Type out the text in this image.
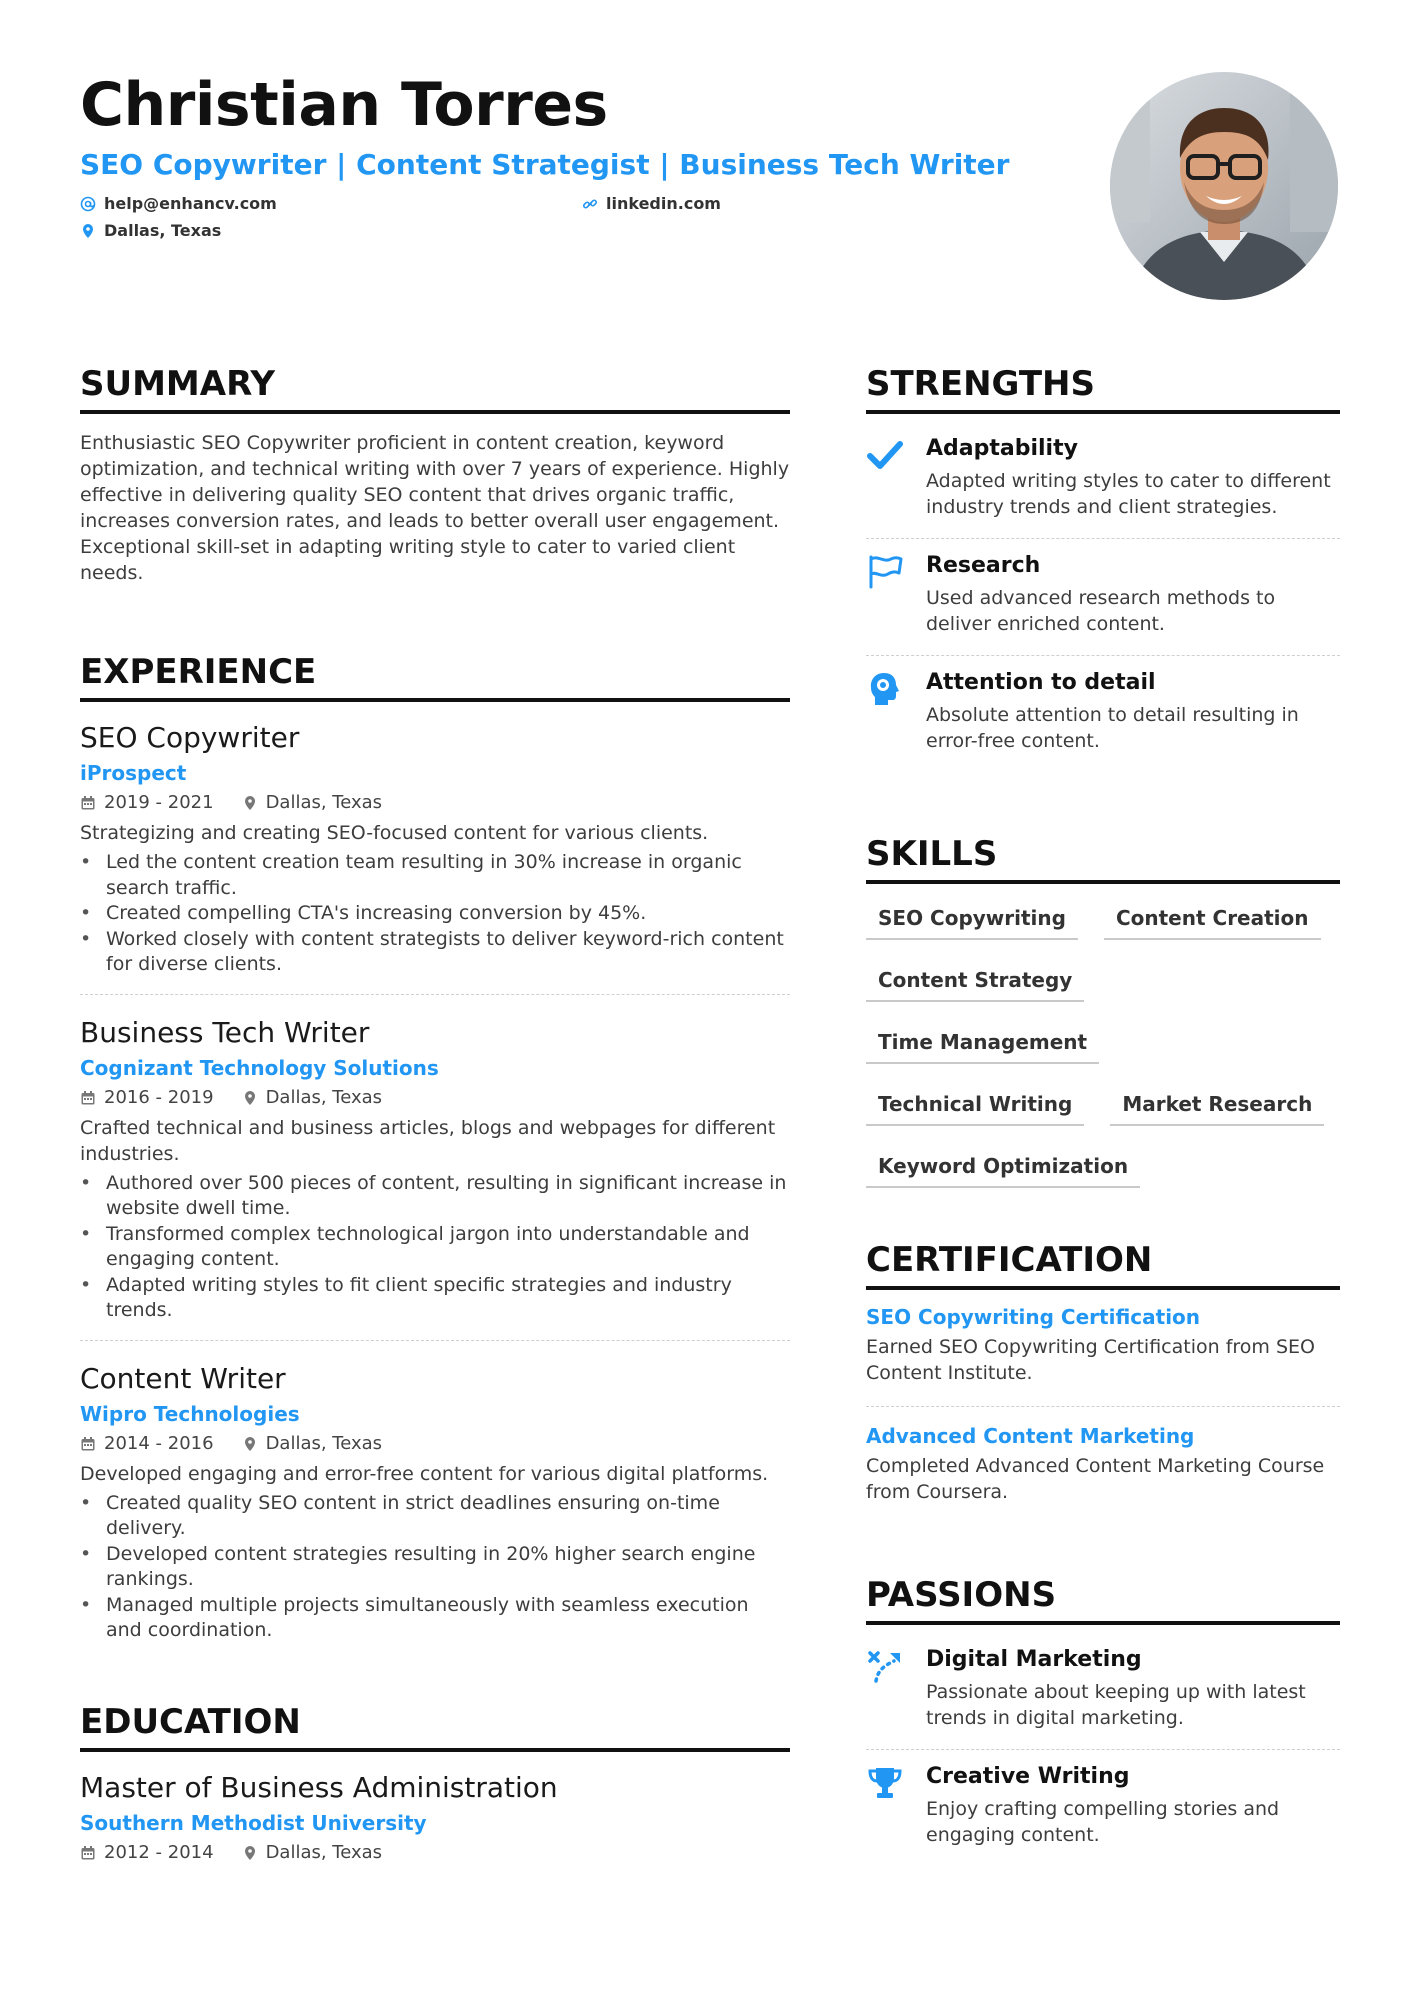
Christian Torres
SEO Copywriter | Content Strategist | Business Tech Writer
help@enhancv.com	linkedin.com
Dallas, Texas
SUMMARY

Enthusiastic SEO Copywriter proficient in content creation, keyword optimization, and technical writing with over 7 years of experience. Highly effective in delivering quality SEO content that drives organic traffic, increases conversion rates, and leads to better overall user engagement. Exceptional skill-set in adapting writing style to cater to varied client needs.

EXPERIENCE
SEO Copywriter
iProspect
2019 - 2021	Dallas, Texas

Strategizing and creating SEO-focused content for various clients.

• Led the content creation team resulting in 30% increase in organic search traffic.
• Created compelling CTA's increasing conversion by 45%.
• Worked closely with content strategists to deliver keyword-rich content for diverse clients.
Business Tech Writer
Cognizant Technology Solutions
2016 - 2019	Dallas, Texas

Crafted technical and business articles, blogs and webpages for different industries.

• Authored over 500 pieces of content, resulting in significant increase in website dwell time.
• Transformed complex technological jargon into understandable and engaging content.
• Adapted writing styles to fit client specific strategies and industry trends.
Content Writer
Wipro Technologies
2014 - 2016	Dallas, Texas

Developed engaging and error-free content for various digital platforms.

• Created quality SEO content in strict deadlines ensuring on-time delivery.
• Developed content strategies resulting in 20% higher search engine rankings.
• Managed multiple projects simultaneously with seamless execution and coordination.
EDUCATION
Master of Business Administration
Southern Methodist University
2012 - 2014	Dallas, Texas
STRENGTHS
Adaptability
Adapted writing styles to cater to different industry trends and client strategies.
Research
Used advanced research methods to deliver enriched content.
Attention to detail
Absolute attention to detail resulting in error-free content.
SKILLS
SEO Copywriting	Content Creation
Content Strategy
Time Management
Technical Writing	Market Research
Keyword Optimization
CERTIFICATION
SEO Copywriting Certification
Earned SEO Copywriting Certification from SEO Content Institute.
Advanced Content Marketing
Completed Advanced Content Marketing Course from Coursera.
PASSIONS
Digital Marketing
Passionate about keeping up with latest trends in digital marketing.
Creative Writing
Enjoy crafting compelling stories and engaging content.
